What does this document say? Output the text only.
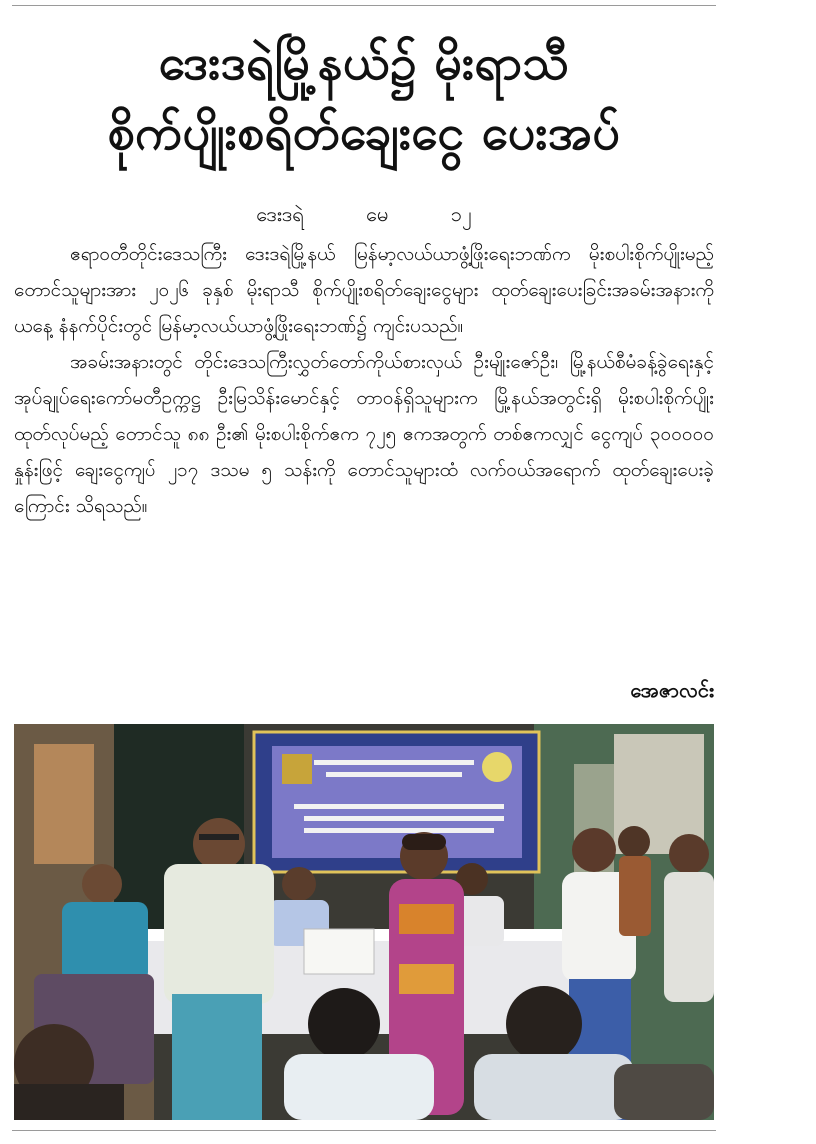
ဒေးဒရဲမြို့နယ်၌ မိုးရာသီ
စိုက်ပျိုးစရိတ်ချေးငွေ ပေးအပ်
ဒေးဒရဲ	မေ	၁၂

ဧရာဝတီတိုင်းဒေသကြီး ဒေးဒရဲမြို့နယ် မြန်မာ့လယ်ယာဖွံ့ဖြိုးရေးဘဏ်က မိုးစပါးစိုက်ပျိုးမည့် တောင်သူများအား ၂၀၂၆ ခုနှစ် မိုးရာသီ စိုက်ပျိုးစရိတ်ချေးငွေများ ထုတ်ချေးပေးခြင်းအခမ်းအနားကို ယနေ့ နံနက်ပိုင်းတွင် မြန်မာ့လယ်ယာဖွံ့ဖြိုးရေးဘဏ်၌ ကျင်းပသည်။

အခမ်းအနားတွင် တိုင်းဒေသကြီးလွှတ်တော်ကိုယ်စားလှယ် ဦးမျိုးဇော်ဦး၊ မြို့နယ်စီမံခန့်ခွဲရေးနှင့် အုပ်ချုပ်ရေးကော်မတီဥက္ကဋ္ဌ ဦးမြသိန်းမောင်နှင့် တာဝန်ရှိသူများက မြို့နယ်အတွင်းရှိ မိုးစပါးစိုက်ပျိုး ထုတ်လုပ်မည့် တောင်သူ ၈၈ ဦး၏ မိုးစပါးစိုက်ဧက ၇၂၅ ဧကအတွက် တစ်ဧကလျှင် ငွေကျပ် ၃၀၀၀၀၀ နှုန်းဖြင့် ချေးငွေကျပ် ၂၁၇ ဒသမ ၅ သန်းကို တောင်သူများထံ လက်ဝယ်အရောက် ထုတ်ချေးပေးခဲ့ကြောင်း သိရသည်။

အေဇာလင်း
